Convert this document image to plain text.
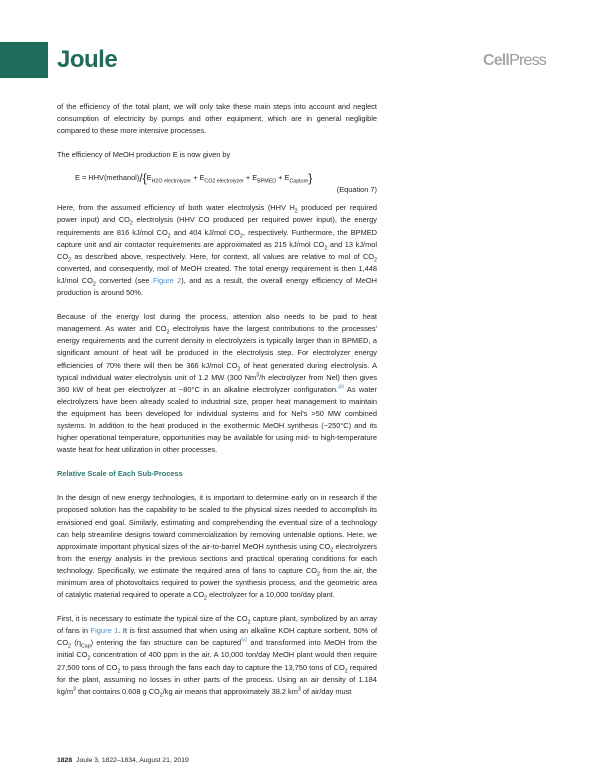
Joule	CellPress

of the efficiency of the total plant, we will only take these main steps into account and neglect consumption of electricity by pumps and other equipment, which are in general negligible compared to these more intensive processes.

The efficiency of MeOH production E is now given by

$E = HHV(methanol)/\{E_{H2O electrolyzer} + E_{CO2 electrolyzer} + E_{BPMED} + E_{Capture}\}$
(Equation 7)

Here, from the assumed efficiency of both water electrolysis (HHV $H_2$ produced per required power input) and $CO_2$ electrolysis (HHV CO produced per required power input), the energy requirements are 816 kJ/mol $CO_2$ and 404 kJ/mol $CO_2$, respectively. Furthermore, the BPMED capture unit and air contactor requirements are approximated as 215 kJ/mol $CO_2$ and 13 kJ/mol $CO_2$ as described above, respectively. Here, for context, all values are relative to mol of $CO_2$ converted, and consequently, mol of MeOH created. The total energy requirement is then 1,448 kJ/mol $CO_2$ converted (see Figure 2), and as a result, the overall energy efficiency of MeOH production is around 50%.

Because of the energy lost during the process, attention also needs to be paid to heat management. As water and $CO_2$ electrolysis have the largest contributions to the processes' energy requirements and the current density in electrolyzers is typically larger than in BPMED, a significant amount of heat will be produced in the electrolysis step. For electrolyzer energy efficiencies of 70% there will then be 366 kJ/mol $CO_2$ of heat generated during electrolysis. A typical individual water electrolysis unit of 1.2 MW (300 Nm$^3$/h electrolyzer from Nel) then gives 360 kW of heat per electrolyzer at ~80°C in an alkaline electrolyzer configuration.$^{49}$ As water electrolyzers have been already scaled to industrial size, proper heat management to maintain the equipment has been developed for individual systems and for Nel's >50 MW combined systems. In addition to the heat produced in the exothermic MeOH synthesis (~250°C) and its higher operational temperature, opportunities may be available for using mid- to high-temperature waste heat for heat utilization in other processes.

Relative Scale of Each Sub-Process

In the design of new energy technologies, it is important to determine early on in research if the proposed solution has the capability to be scaled to the physical sizes needed to accomplish its envisioned end goal. Similarly, estimating and comprehending the eventual size of a technology can help streamline designs toward commercialization by removing untenable options. Here, we approximate important physical sizes of the air-to-barrel MeOH synthesis using $CO_2$ electrolyzers from the energy analysis in the previous sections and practical operating conditions for each technology. Specifically, we estimate the required area of fans to capture $CO_2$ from the air, the minimum area of photovoltaics required to power the synthesis process, and the geometric area of catalytic material required to operate a $CO_2$ electrolyzer for a 10,000 ton/day plant.

First, it is necessary to estimate the typical size of the $CO_2$ capture plant, symbolized by an array of fans in Figure 1. It is first assumed that when using an alkaline KOH capture sorbent, 50% of $CO_2$ $(\eta_{Cap})$ entering the fan structure can be captured$^{50}$ and transformed into MeOH from the initial $CO_2$ concentration of 400 ppm in the air. A 10,000 ton/day MeOH plant would then require 27,500 tons of $CO_2$ to pass through the fans each day to capture the 13,750 tons of $CO_2$ required for the plant, assuming no losses in other parts of the process. Using an air density of 1.184 $kg/m^3$ that contains 0.608 g $CO_2/kg$ air means that approximately 38.2 $km^3$ of air/day must

1828 Joule 3, 1822–1834, August 21, 2019
